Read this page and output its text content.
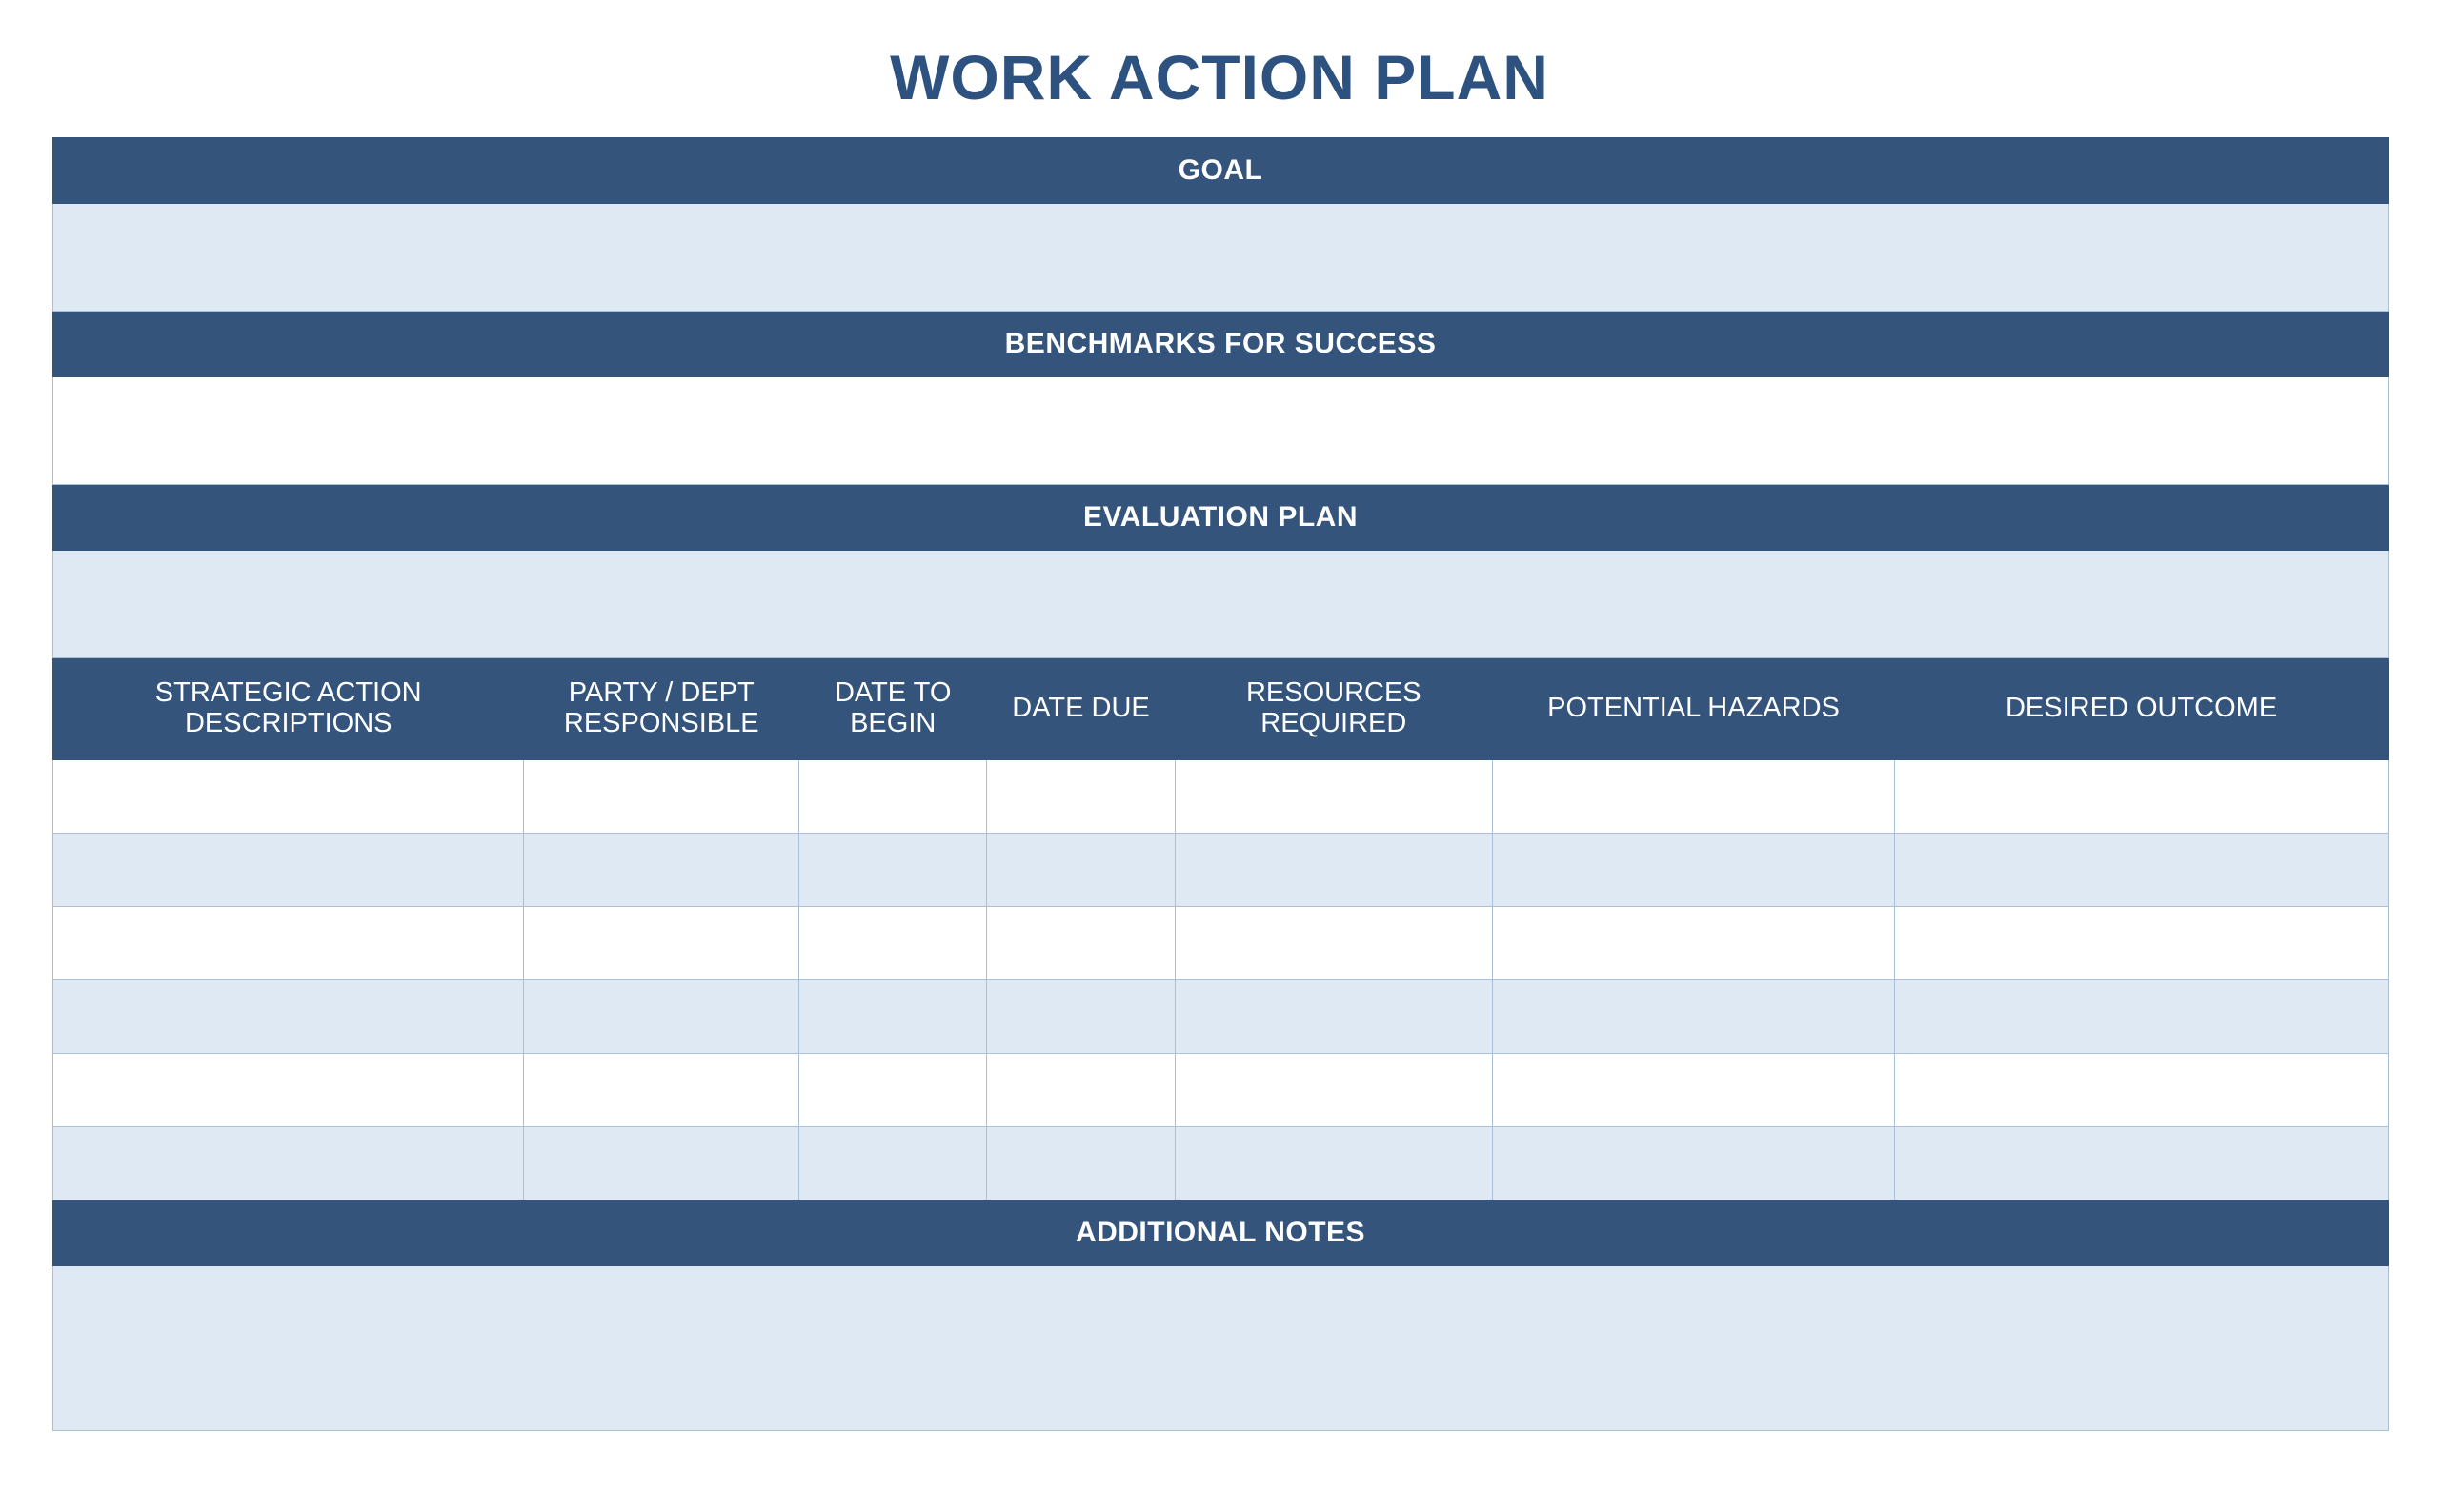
WORK ACTION PLAN
GOAL						

BENCHMARKS FOR SUCCESS						

EVALUATION PLAN						

STRATEGIC ACTION DESCRIPTIONS	PARTY / DEPT RESPONSIBLE	DATE TO BEGIN	DATE DUE	RESOURCES REQUIRED	POTENTIAL HAZARDS	DESIRED OUTCOME

ADDITIONAL NOTES						
